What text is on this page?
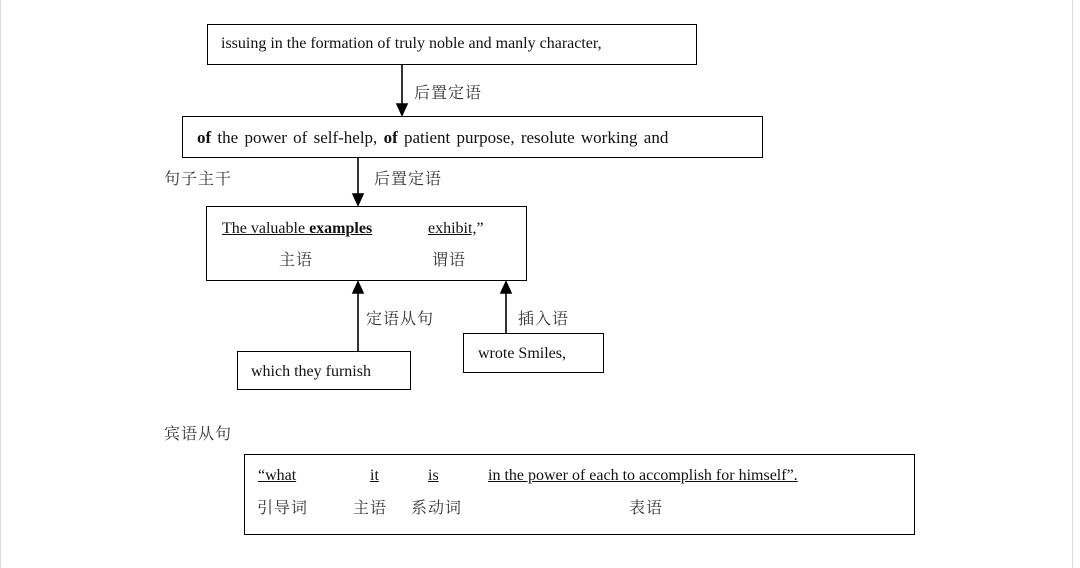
issuing in the formation of truly noble and manly character,
后置定语
of the power of self-help, of patient purpose, resolute working and
句子主干	后置定语
The valuable examples	exhibit,”
主语	谓语
定语从句	插入语
which they furnish
wrote Smiles,
宾语从句
“what	it	is	in the power of each to accomplish for himself”.
引导词	主语 系动词	表语
